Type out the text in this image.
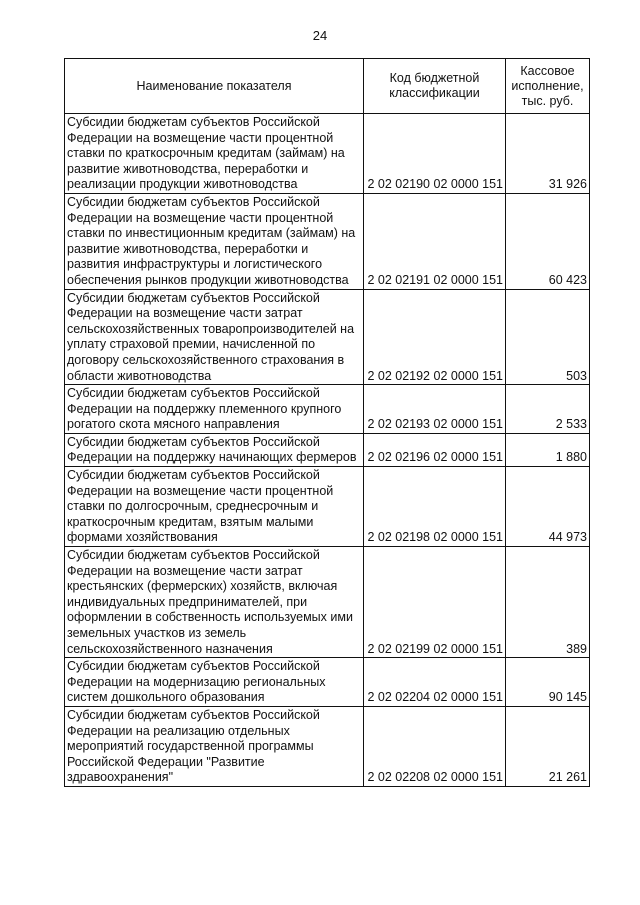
24
Наименование показателя	Код бюджетной классификации	Кассовое исполнение, тыс. руб.
Субсидии бюджетам субъектов Российской Федерации на возмещение части процентной ставки по краткосрочным кредитам (займам) на развитие животноводства, переработки и реализации продукции животноводства	2 02 02190 02 0000 151	31 926
Субсидии бюджетам субъектов Российской Федерации на возмещение части процентной ставки по инвестиционным кредитам (займам) на развитие животноводства, переработки и развития инфраструктуры и логистического обеспечения рынков продукции животноводства	2 02 02191 02 0000 151	60 423
Субсидии бюджетам субъектов Российской Федерации на возмещение части затрат сельскохозяйственных товаропроизводителей на уплату страховой премии, начисленной по договору сельскохозяйственного страхования в области животноводства	2 02 02192 02 0000 151	503
Субсидии бюджетам субъектов Российской Федерации на поддержку племенного крупного рогатого скота мясного направления	2 02 02193 02 0000 151	2 533
Субсидии бюджетам субъектов Российской Федерации на поддержку начинающих фермеров	2 02 02196 02 0000 151	1 880
Субсидии бюджетам субъектов Российской Федерации на возмещение части процентной ставки по долгосрочным, среднесрочным и краткосрочным кредитам, взятым малыми формами хозяйствования	2 02 02198 02 0000 151	44 973
Субсидии бюджетам субъектов Российской Федерации на возмещение части затрат крестьянских (фермерских) хозяйств, включая индивидуальных предпринимателей, при оформлении в собственность используемых ими земельных участков из земель сельскохозяйственного назначения	2 02 02199 02 0000 151	389
Субсидии бюджетам субъектов Российской Федерации на модернизацию региональных систем дошкольного образования	2 02 02204 02 0000 151	90 145
Субсидии бюджетам субъектов Российской Федерации на реализацию отдельных мероприятий государственной программы Российской Федерации "Развитие здравоохранения"	2 02 02208 02 0000 151	21 261
